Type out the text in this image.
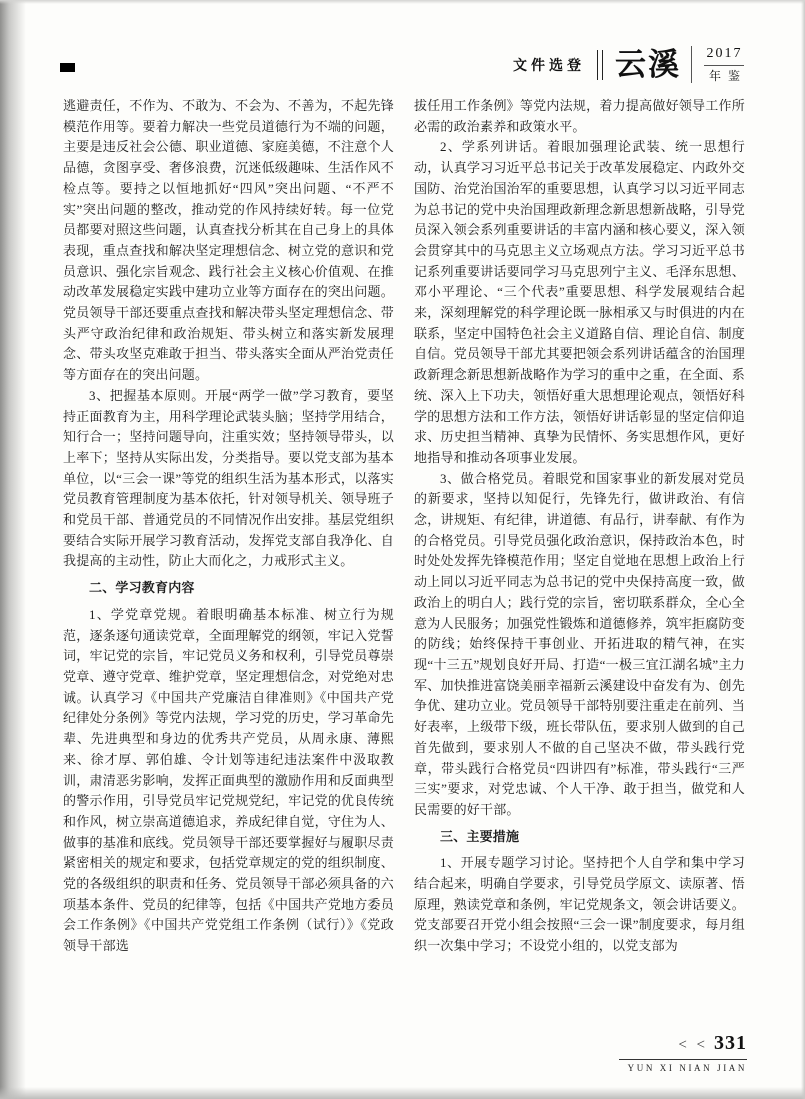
文件选登 云溪 2017
年鉴

逃避责任，不作为、不敢为、不会为、不善为，不起先锋模范作用等。要着力解决一些党员道德行为不端的问题，主要是违反社会公德、职业道德、家庭美德，不注意个人品德，贪图享受、奢侈浪费，沉迷低级趣味、生活作风不检点等。要持之以恒地抓好“四风”突出问题、“不严不实”突出问题的整改，推动党的作风持续好转。每一位党员都要对照这些问题，认真查找分析其在自己身上的具体表现，重点查找和解决坚定理想信念、树立党的意识和党员意识、强化宗旨观念、践行社会主义核心价值观、在推动改革发展稳定实践中建功立业等方面存在的突出问题。党员领导干部还要重点查找和解决带头坚定理想信念、带头严守政治纪律和政治规矩、带头树立和落实新发展理念、带头攻坚克难敢于担当、带头落实全面从严治党责任等方面存在的突出问题。

3、把握基本原则。开展“两学一做”学习教育，要坚持正面教育为主，用科学理论武装头脑；坚持学用结合，知行合一；坚持问题导向，注重实效；坚持领导带头，以上率下；坚持从实际出发，分类指导。要以党支部为基本单位，以“三会一课”等党的组织生活为基本形式，以落实党员教育管理制度为基本依托，针对领导机关、领导班子和党员干部、普通党员的不同情况作出安排。基层党组织要结合实际开展学习教育活动，发挥党支部自我净化、自我提高的主动性，防止大而化之，力戒形式主义。

二、学习教育内容

1、学党章党规。着眼明确基本标准、树立行为规范，逐条逐句通读党章，全面理解党的纲领，牢记入党誓词，牢记党的宗旨，牢记党员义务和权利，引导党员尊崇党章、遵守党章、维护党章，坚定理想信念，对党绝对忠诚。认真学习《中国共产党廉洁自律准则》《中国共产党纪律处分条例》等党内法规，学习党的历史，学习革命先辈、先进典型和身边的优秀共产党员，从周永康、薄熙来、徐才厚、郭伯雄、令计划等违纪违法案件中汲取教训，肃清恶劣影响，发挥正面典型的激励作用和反面典型的警示作用，引导党员牢记党规党纪，牢记党的优良传统和作风，树立崇高道德追求，养成纪律自觉，守住为人、做事的基准和底线。党员领导干部还要掌握好与履职尽责紧密相关的规定和要求，包括党章规定的党的组织制度、党的各级组织的职责和任务、党员领导干部必须具备的六项基本条件、党员的纪律等，包括《中国共产党地方委员会工作条例》《中国共产党党组工作条例（试行）》《党政领导干部选

拔任用工作条例》等党内法规，着力提高做好领导工作所必需的政治素养和政策水平。

2、学系列讲话。着眼加强理论武装、统一思想行动，认真学习习近平总书记关于改革发展稳定、内政外交国防、治党治国治军的重要思想，认真学习以习近平同志为总书记的党中央治国理政新理念新思想新战略，引导党员深入领会系列重要讲话的丰富内涵和核心要义，深入领会贯穿其中的马克思主义立场观点方法。学习习近平总书记系列重要讲话要同学习马克思列宁主义、毛泽东思想、邓小平理论、“三个代表”重要思想、科学发展观结合起来，深刻理解党的科学理论既一脉相承又与时俱进的内在联系，坚定中国特色社会主义道路自信、理论自信、制度自信。党员领导干部尤其要把领会系列讲话蕴含的治国理政新理念新思想新战略作为学习的重中之重，在全面、系统、深入上下功夫，领悟好重大思想理论观点，领悟好科学的思想方法和工作方法，领悟好讲话彰显的坚定信仰追求、历史担当精神、真挚为民情怀、务实思想作风，更好地指导和推动各项事业发展。

3、做合格党员。着眼党和国家事业的新发展对党员的新要求，坚持以知促行，先锋先行，做讲政治、有信念，讲规矩、有纪律，讲道德、有品行，讲奉献、有作为的合格党员。引导党员强化政治意识，保持政治本色，时时处处发挥先锋模范作用；坚定自觉地在思想上政治上行动上同以习近平同志为总书记的党中央保持高度一致，做政治上的明白人；践行党的宗旨，密切联系群众，全心全意为人民服务；加强党性锻炼和道德修养，筑牢拒腐防变的防线；始终保持干事创业、开拓进取的精气神，在实现“十三五”规划良好开局、打造“一极三宜江湖名城”主力军、加快推进富饶美丽幸福新云溪建设中奋发有为、创先争优、建功立业。党员领导干部特别要注重走在前列、当好表率，上级带下级，班长带队伍，要求别人做到的自己首先做到，要求别人不做的自己坚决不做，带头践行党章，带头践行合格党员“四讲四有”标准，带头践行“三严三实”要求，对党忠诚、个人干净、敢于担当，做党和人民需要的好干部。

三、主要措施

1、开展专题学习讨论。坚持把个人自学和集中学习结合起来，明确自学要求，引导党员学原文、读原著、悟原理，熟读党章和条例，牢记党规条文，领会讲话要义。党支部要召开党小组会按照“三会一课”制度要求，每月组织一次集中学习；不设党小组的，以党支部为

< < 331
YUN XI NIAN JIAN
